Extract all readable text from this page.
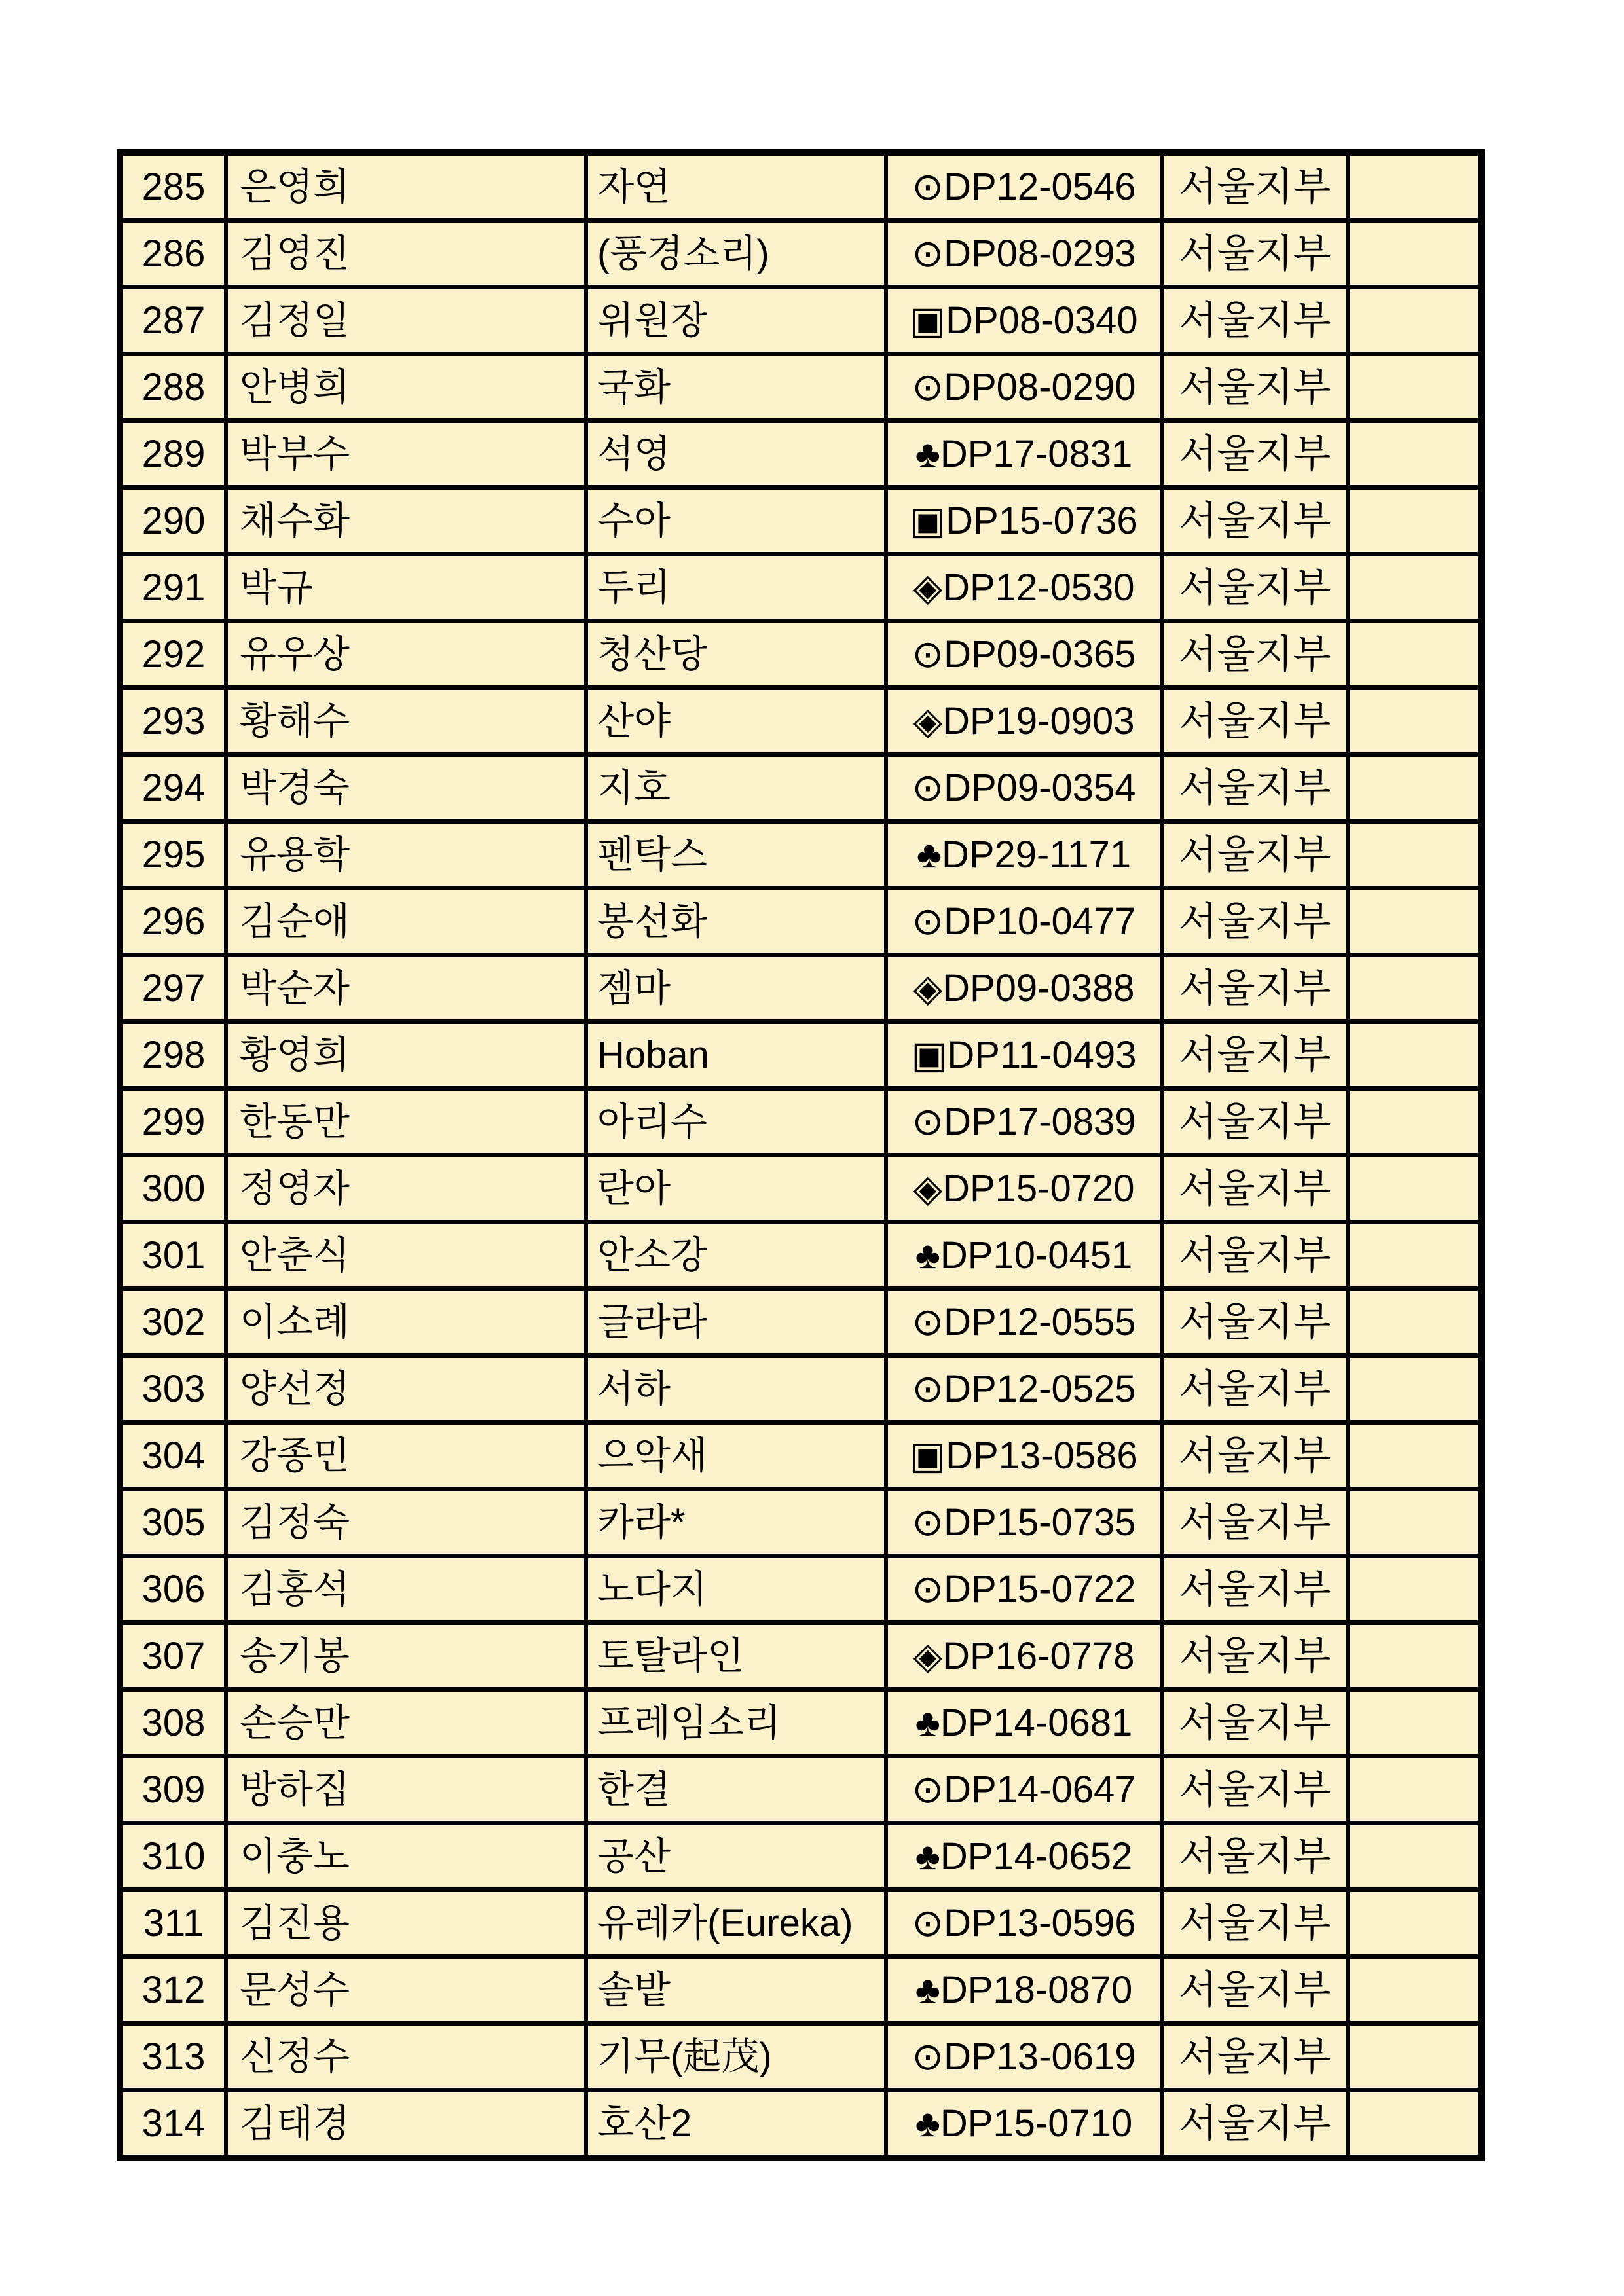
285	은영희	자연	⊙DP12-0546	서울지부	
286	김영진	(풍경소리)	⊙DP08-0293	서울지부	
287	김정일	위원장	▣DP08-0340	서울지부	
288	안병희	국화	⊙DP08-0290	서울지부	
289	박부수	석영	♣DP17-0831	서울지부	
290	채수화	수아	▣DP15-0736	서울지부	
291	박규	두리	◈DP12-0530	서울지부	
292	유우상	청산당	⊙DP09-0365	서울지부	
293	황해수	산야	◈DP19-0903	서울지부	
294	박경숙	지호	⊙DP09-0354	서울지부	
295	유용학	펜탁스	♣DP29-1171	서울지부	
296	김순애	봉선화	⊙DP10-0477	서울지부	
297	박순자	젬마	◈DP09-0388	서울지부	
298	황영희	Hoban	▣DP11-0493	서울지부	
299	한동만	아리수	⊙DP17-0839	서울지부	
300	정영자	란아	◈DP15-0720	서울지부	
301	안춘식	안소강	♣DP10-0451	서울지부	
302	이소례	글라라	⊙DP12-0555	서울지부	
303	양선정	서하	⊙DP12-0525	서울지부	
304	강종민	으악새	▣DP13-0586	서울지부	
305	김정숙	카라*	⊙DP15-0735	서울지부	
306	김홍석	노다지	⊙DP15-0722	서울지부	
307	송기봉	토탈라인	◈DP16-0778	서울지부	
308	손승만	프레임소리	♣DP14-0681	서울지부	
309	방하집	한결	⊙DP14-0647	서울지부	
310	이충노	공산	♣DP14-0652	서울지부	
311	김진용	유레카(Eureka)	⊙DP13-0596	서울지부	
312	문성수	솔밭	♣DP18-0870	서울지부	
313	신정수	기무(起茂)	⊙DP13-0619	서울지부	
314	김태경	호산2	♣DP15-0710	서울지부	
